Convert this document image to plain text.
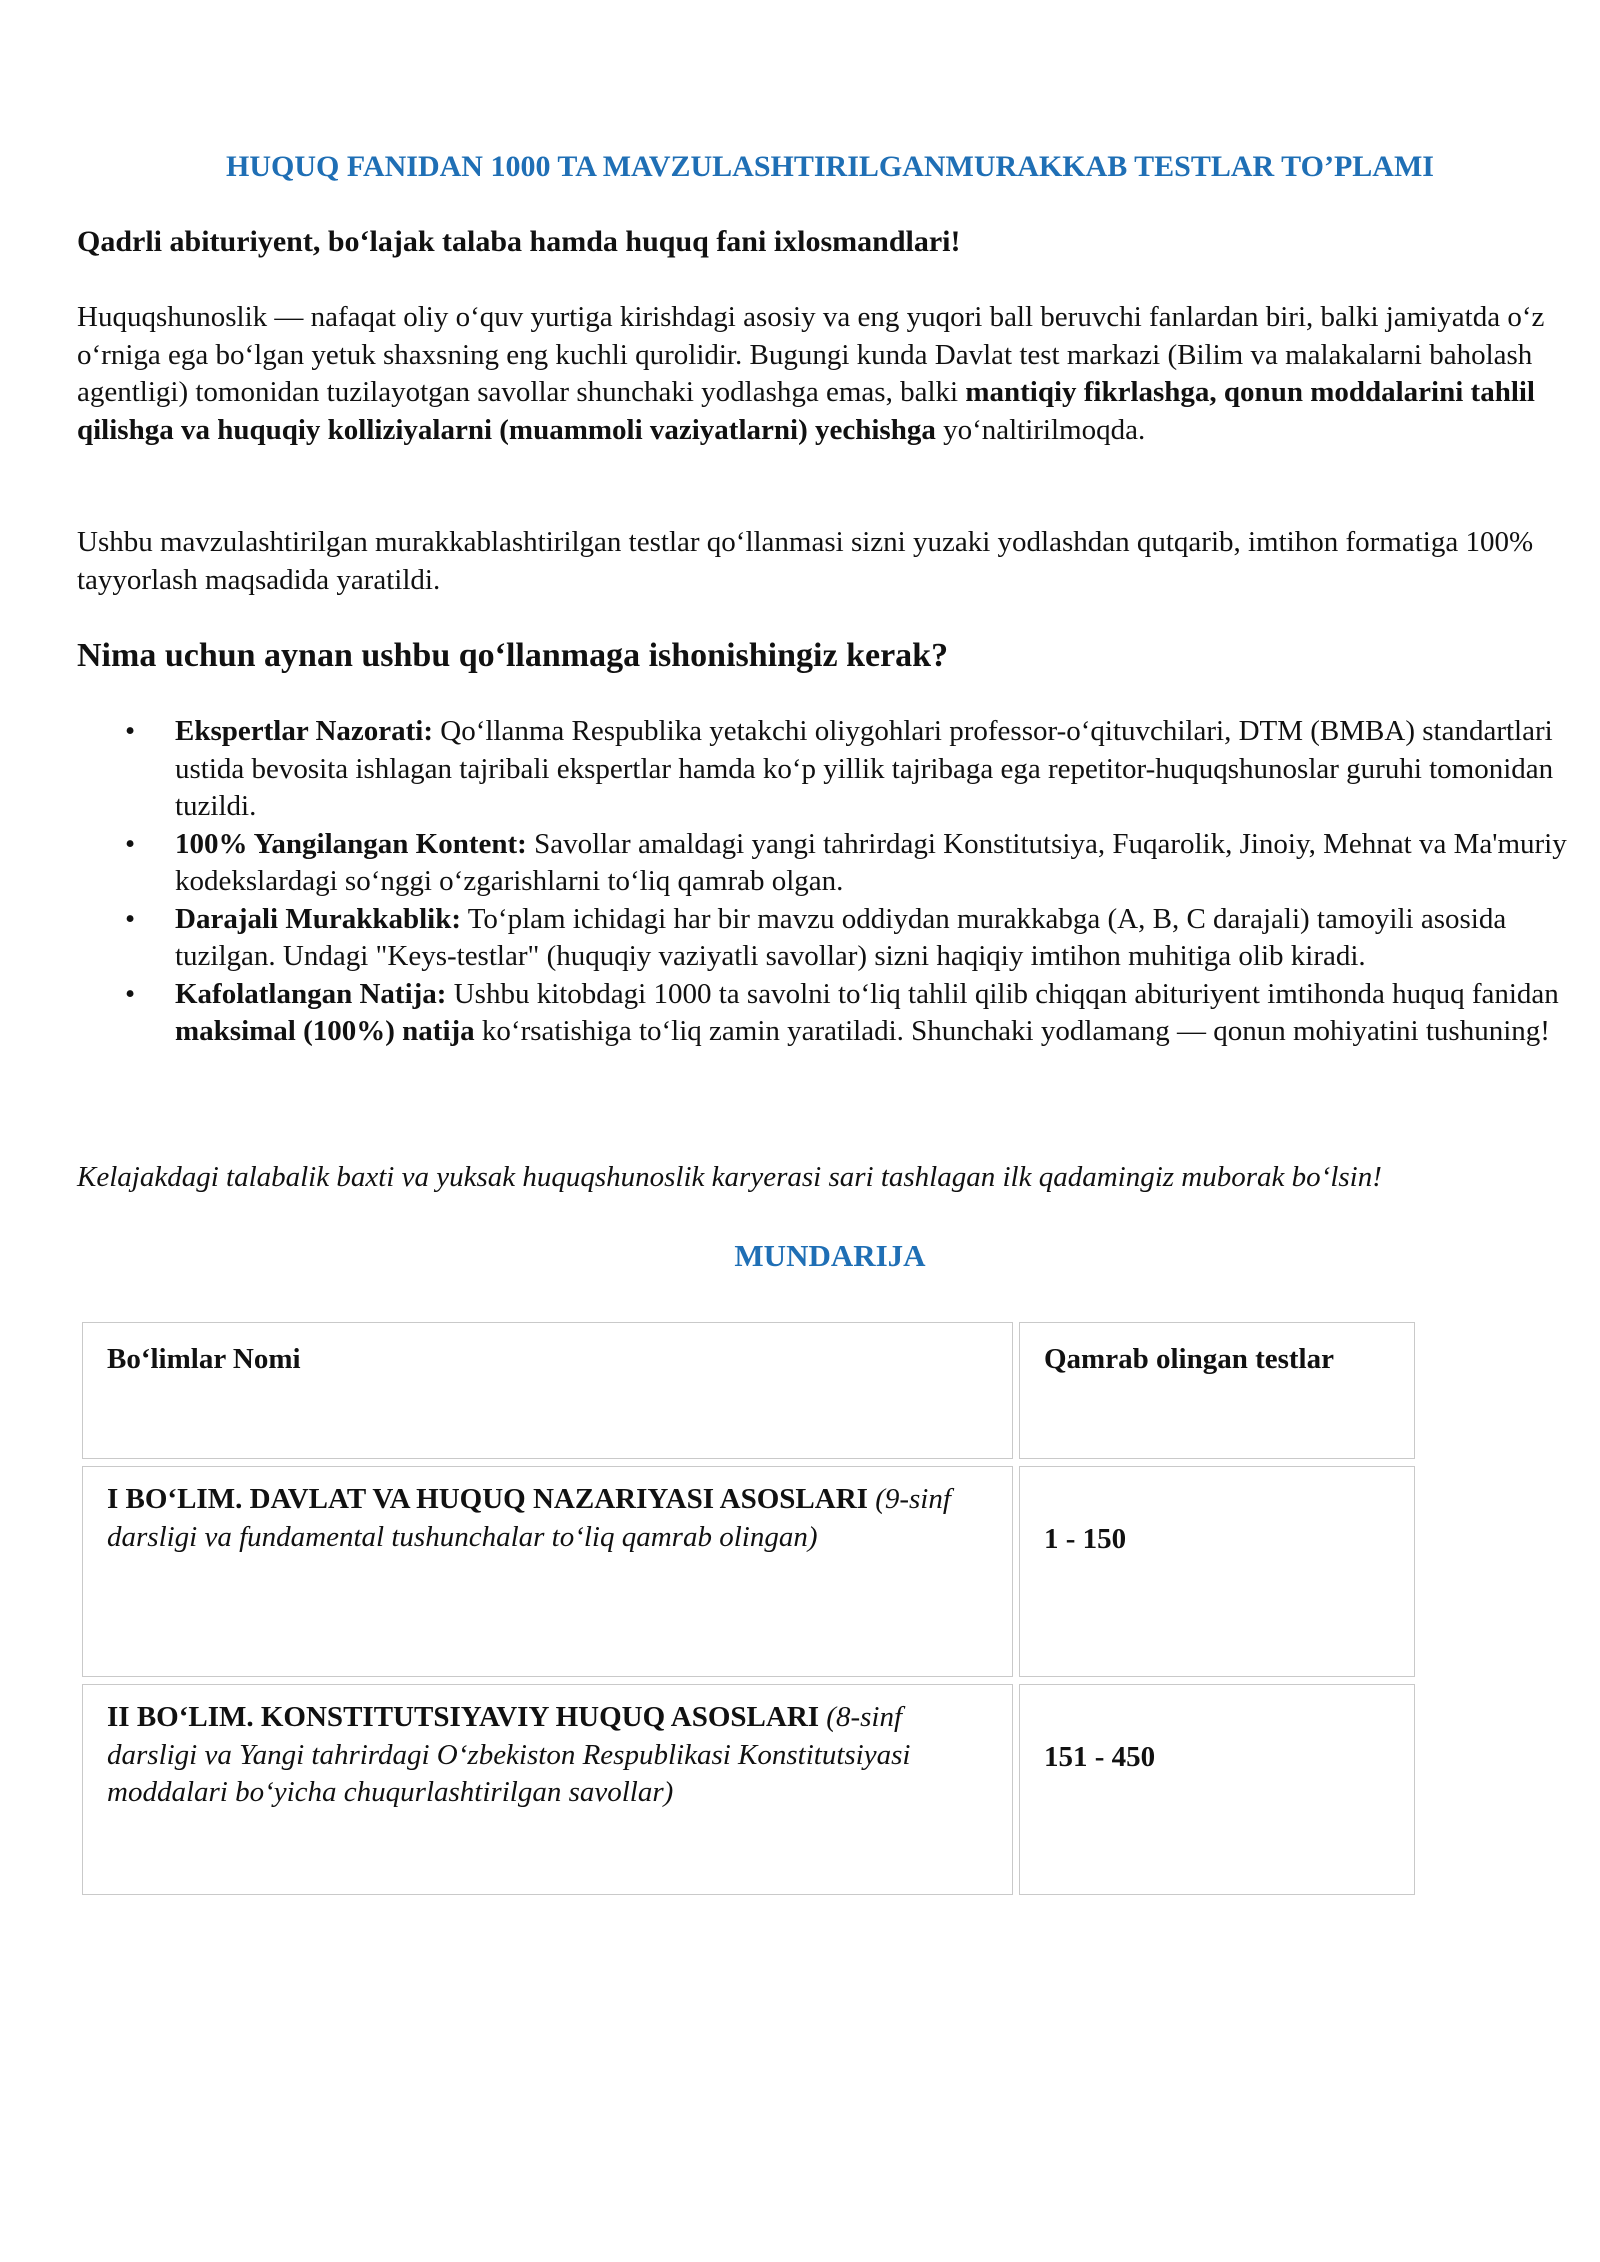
HUQUQ FANIDAN 1000 TA MAVZULASHTIRILGANMURAKKAB TESTLAR TO’PLAMI

Qadrli abituriyent, bo‘lajak talaba hamda huquq fani ixlosmandlari!

Huquqshunoslik — nafaqat oliy o‘quv yurtiga kirishdagi asosiy va eng yuqori ball beruvchi fanlardan biri, balki jamiyatda o‘z o‘rniga ega bo‘lgan yetuk shaxsning eng kuchli qurolidir. Bugungi kunda Davlat test markazi (Bilim va malakalarni baholash agentligi) tomonidan tuzilayotgan savollar shunchaki yodlashga emas, balki mantiqiy fikrlashga, qonun moddalarini tahlil qilishga va huquqiy kolliziyalarni (muammoli vaziyatlarni) yechishga yo‘naltirilmoqda.

Ushbu mavzulashtirilgan murakkablashtirilgan testlar qo‘llanmasi sizni yuzaki yodlashdan qutqarib, imtihon formatiga 100% tayyorlash maqsadida yaratildi.

Nima uchun aynan ushbu qo‘llanmaga ishonishingiz kerak?
• Ekspertlar Nazorati: Qo‘llanma Respublika yetakchi oliygohlari professor-o‘qituvchilari, DTM (BMBA) standartlari ustida bevosita ishlagan tajribali ekspertlar hamda ko‘p yillik tajribaga ega repetitor-huquqshunoslar guruhi tomonidan tuzildi.
• 100% Yangilangan Kontent: Savollar amaldagi yangi tahrirdagi Konstitutsiya, Fuqarolik, Jinoiy, Mehnat va Ma'muriy kodekslardagi so‘nggi o‘zgarishlarni to‘liq qamrab olgan.
• Darajali Murakkablik: To‘plam ichidagi har bir mavzu oddiydan murakkabga (A, B, C darajali) tamoyili asosida tuzilgan. Undagi "Keys-testlar" (huquqiy vaziyatli savollar) sizni haqiqiy imtihon muhitiga olib kiradi.
• Kafolatlangan Natija: Ushbu kitobdagi 1000 ta savolni to‘liq tahlil qilib chiqqan abituriyent imtihonda huquq fanidan maksimal (100%) natija ko‘rsatishiga to‘liq zamin yaratiladi. Shunchaki yodlamang — qonun mohiyatini tushuning!

Kelajakdagi talabalik baxti va yuksak huquqshunoslik karyerasi sari tashlagan ilk qadamingiz muborak bo‘lsin!

MUNDARIJA
Bo‘limlar Nomi	Qamrab olingan testlar
I BO‘LIM. DAVLAT VA HUQUQ NAZARIYASI ASOSLARI (9-sinf darsligi va fundamental tushunchalar to‘liq qamrab olingan)	1 - 150
II BO‘LIM. KONSTITUTSIYAVIY HUQUQ ASOSLARI (8-sinf darsligi va Yangi tahrirdagi O‘zbekiston Respublikasi Konstitutsiyasi moddalari bo‘yicha chuqurlashtirilgan savollar)
151 - 450
